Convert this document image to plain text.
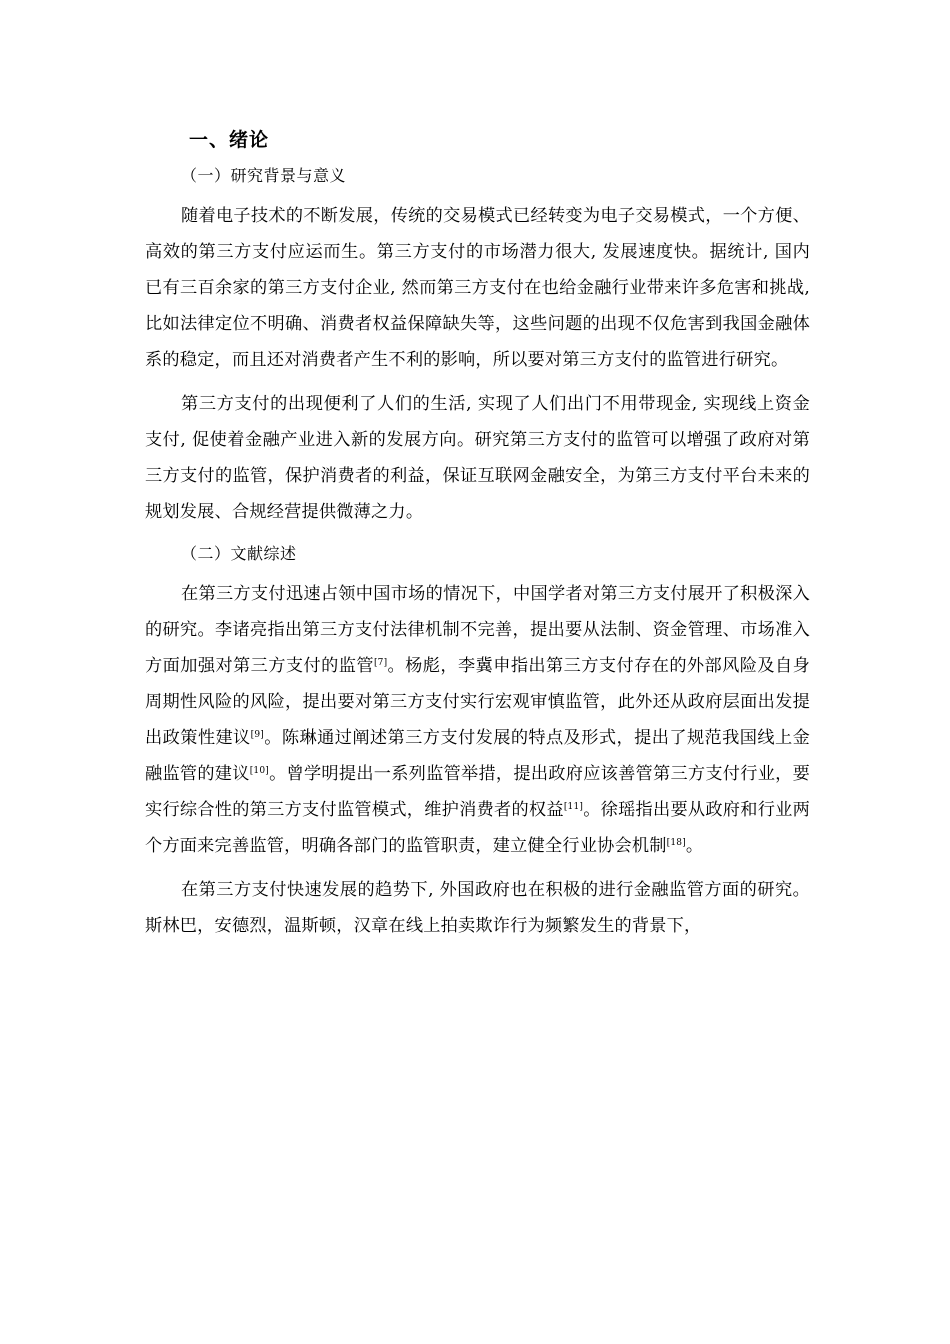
一、绪论
（一）研究背景与意义

随着电子技术的不断发展，传统的交易模式已经转变为电子交易模式，一个方便、高效的第三方支付应运而生。第三方支付的市场潜力很大, 发展速度快。据统计, 国内已有三百余家的第三方支付企业, 然而第三方支付在也给金融行业带来许多危害和挑战, 比如法律定位不明确、消费者权益保障缺失等，这些问题的出现不仅危害到我国金融体系的稳定，而且还对消费者产生不利的影响，所以要对第三方支付的监管进行研究。

第三方支付的出现便利了人们的生活, 实现了人们出门不用带现金, 实现线上资金支付, 促使着金融产业进入新的发展方向。研究第三方支付的监管可以增强了政府对第三方支付的监管，保护消费者的利益，保证互联网金融安全，为第三方支付平台未来的规划发展、合规经营提供微薄之力。

（二）文献综述

在第三方支付迅速占领中国市场的情况下，中国学者对第三方支付展开了积极深入的研究。李诸亮指出第三方支付法律机制不完善，提出要从法制、资金管理、市场准入方面加强对第三方支付的监管[7]。杨彪，李冀申指出第三方支付存在的外部风险及自身周期性风险的风险，提出要对第三方支付实行宏观审慎监管，此外还从政府层面出发提出政策性建议[9]。陈琳通过阐述第三方支付发展的特点及形式，提出了规范我国线上金融监管的建议[10]。曾学明提出一系列监管举措，提出政府应该善管第三方支付行业，要实行综合性的第三方支付监管模式，维护消费者的权益[11]。徐瑶指出要从政府和行业两个方面来完善监管，明确各部门的监管职责，建立健全行业协会机制[18]。

在第三方支付快速发展的趋势下, 外国政府也在积极的进行金融监管方面的研究。斯林巴，安德烈，温斯顿，汉章在线上拍卖欺诈行为频繁发生的背景下，
